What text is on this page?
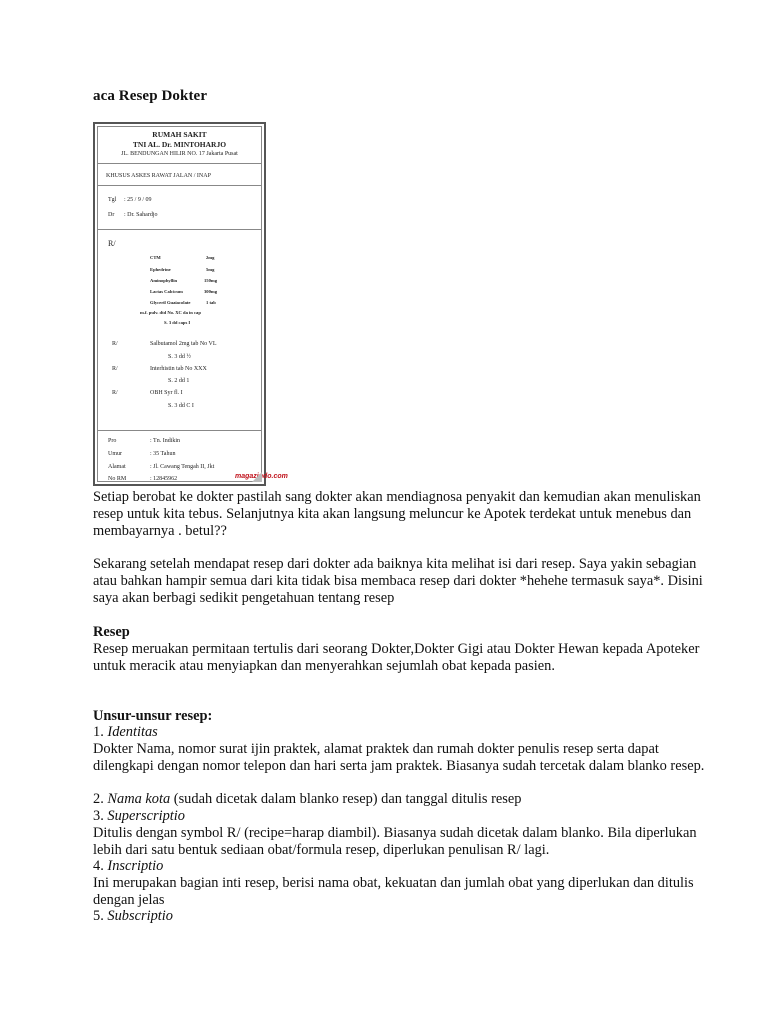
aca Resep Dokter
RUMAH SAKIT
TNI AL. Dr. MINTOHARJO
JL. BENDUNGAN HILIR NO. 17 Jakarta Pusat
KHUSUS ASKES RAWAT JALAN / INAP
Tgl : 25 / 9 / 09
Dr : Dr. Sahardjo
R/
CTM	2mg
Ephedrine	5mg
Aminophyllin	150mg
Lactas Calcicum	300mg
Glyceril Guaiacolate	1 tab
m.f. pulv. dtd No. XC da in cap
S. 3 dd caps I
R/	Salbutamol 2mg tab No VL
S. 3 dd ½
R/	Interhistin tab No XXX
S. 2 dd 1
R/	OBH Syr fl. I
S. 3 dd C I
Pro	: Tn. Indikin
Umur	: 35 Tahun
Alamat	: Jl. Cawang Tengah II, Jkt
No RM	: 12845962	magazindo.com

Setiap berobat ke dokter pastilah sang dokter akan mendiagnosa penyakit dan kemudian akan menuliskan resep untuk kita tebus. Selanjutnya kita akan langsung meluncur ke Apotek terdekat untuk menebus dan membayarnya . betul??

Sekarang setelah mendapat resep dari dokter ada baiknya kita melihat isi dari resep. Saya yakin sebagian atau bahkan hampir semua dari kita tidak bisa membaca resep dari dokter *hehehe termasuk saya*. Disini saya akan berbagi sedikit pengetahuan tentang resep

Resep

Resep meruakan permitaan tertulis dari seorang Dokter,Dokter Gigi atau Dokter Hewan kepada Apoteker untuk meracik atau menyiapkan dan menyerahkan sejumlah obat kepada pasien.

Unsur-unsur resep:
1. Identitas

Dokter Nama, nomor surat ijin praktek, alamat praktek dan rumah dokter penulis resep serta dapat dilengkapi dengan nomor telepon dan hari serta jam praktek. Biasanya sudah tercetak dalam blanko resep.

2. Nama kota (sudah dicetak dalam blanko resep) dan tanggal ditulis resep
3. Superscriptio

Ditulis dengan symbol R/ (recipe=harap diambil). Biasanya sudah dicetak dalam blanko. Bila diperlukan lebih dari satu bentuk sediaan obat/formula resep, diperlukan penulisan R/ lagi.

4. Inscriptio

Ini merupakan bagian inti resep, berisi nama obat, kekuatan dan jumlah obat yang diperlukan dan ditulis dengan jelas

5. Subscriptio
